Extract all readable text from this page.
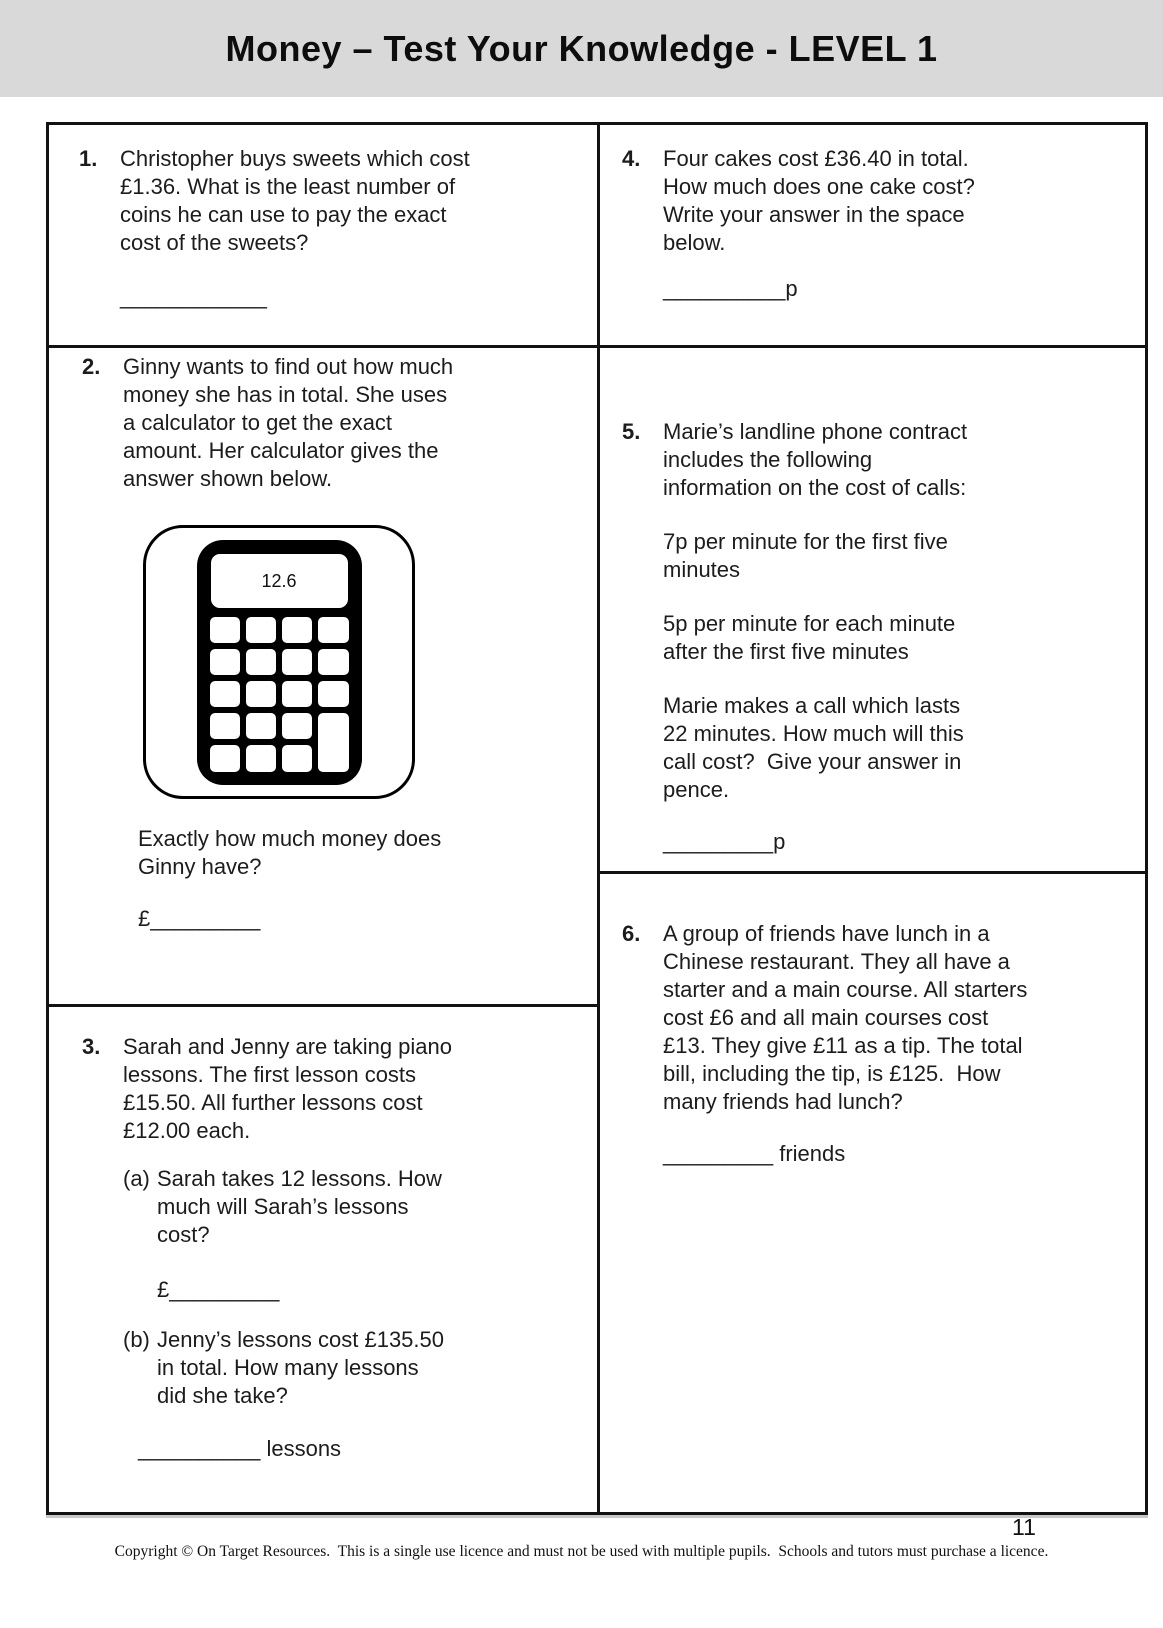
Money – Test Your Knowledge - LEVEL 1
1.	Christopher buys sweets which cost £1.36. What is the least number of coins he can use to pay the exact cost of the sweets?

____________
2.	Ginny wants to find out how much money she has in total. She uses a calculator to get the exact amount. Her calculator gives the answer shown below.

12.6

Exactly how much money does Ginny have?

£_________
3.	Sarah and Jenny are taking piano lessons. The first lesson costs £15.50. All further lessons cost £12.00 each.

(a) Sarah takes 12 lessons. How much will Sarah’s lessons cost?
£_________
(b) Jenny’s lessons cost £135.50 in total. How many lessons did she take?
__________ lessons
4.	Four cakes cost £36.40 in total. How much does one cake cost? Write your answer in the space below.

__________p
5.	Marie’s landline phone contract includes the following information on the cost of calls:

7p per minute for the first five minutes

5p per minute for each minute after the first five minutes

Marie makes a call which lasts 22 minutes. How much will this call cost?  Give your answer in pence.

_________p
6.	A group of friends have lunch in a Chinese restaurant. They all have a starter and a main course. All starters cost £6 and all main courses cost £13. They give £11 as a tip. The total bill, including the tip, is £125.  How many friends had lunch?

_________ friends
11
Copyright © On Target Resources.  This is a single use licence and must not be used with multiple pupils.  Schools and tutors must purchase a licence.
